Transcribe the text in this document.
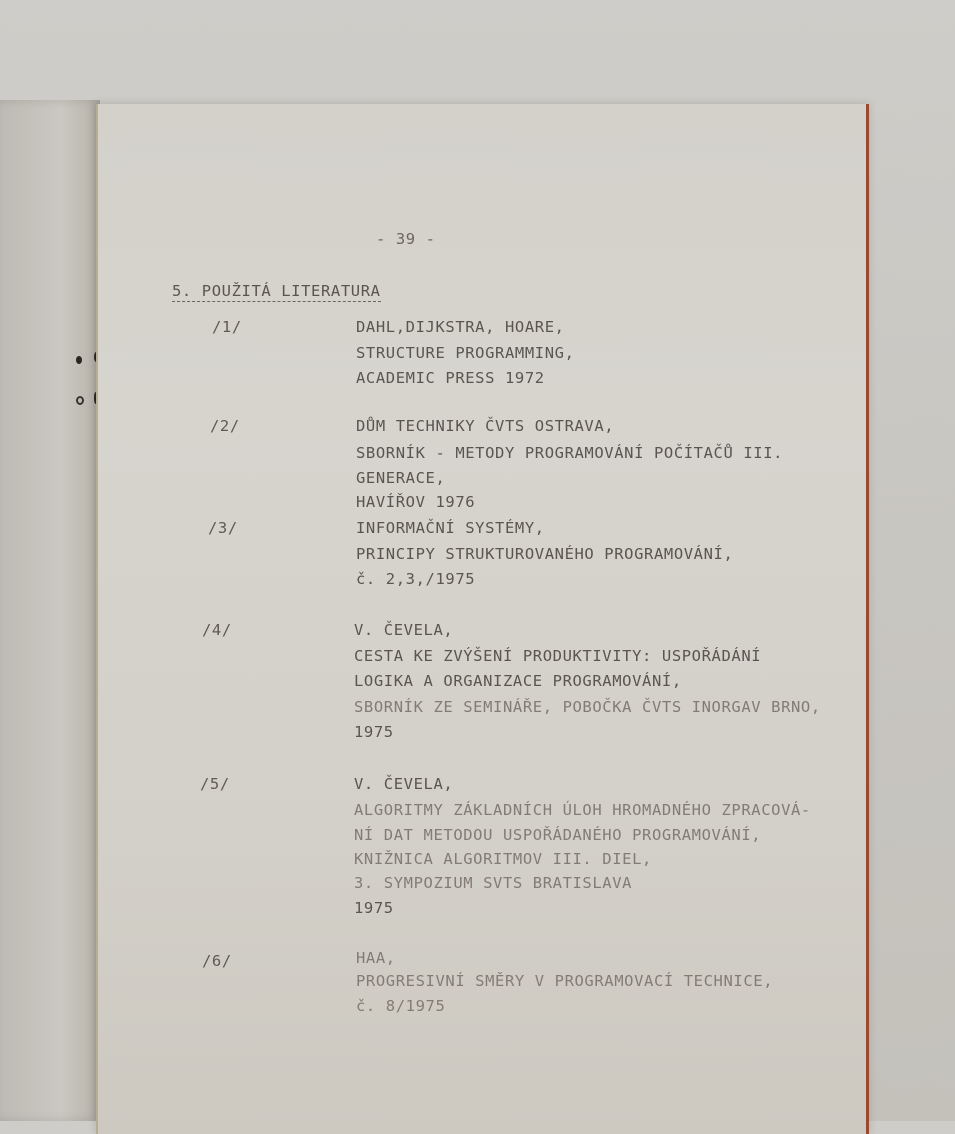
- 39 -
5. POUŽITÁ LITERATURA
/1/	DAHL,DIJKSTRA, HOARE,
STRUCTURE PROGRAMMING,
ACADEMIC PRESS 1972
/2/	DŮM TECHNIKY ČVTS OSTRAVA,
SBORNÍK - METODY PROGRAMOVÁNÍ POČÍTAČŮ III.
GENERACE,
HAVÍŘOV 1976
/3/	INFORMAČNÍ SYSTÉMY,
PRINCIPY STRUKTUROVANÉHO PROGRAMOVÁNÍ,
č. 2,3,/1975
/4/	V. ČEVELA,
CESTA KE ZVÝŠENÍ PRODUKTIVITY: USPOŘÁDÁNÍ
LOGIKA A ORGANIZACE PROGRAMOVÁNÍ,
SBORNÍK ZE SEMINÁŘE, POBOČKA ČVTS INORGAV BRNO,
1975
/5/	V. ČEVELA,
ALGORITMY ZÁKLADNÍCH ÚLOH HROMADNÉHO ZPRACOVÁ-
NÍ DAT METODOU USPOŘÁDANÉHO PROGRAMOVÁNÍ,
KNIŽNICA ALGORITMOV III. DIEL,
3. SYMPOZIUM SVTS BRATISLAVA
1975
/6/	HAA,
PROGRESIVNÍ SMĚRY V PROGRAMOVACÍ TECHNICE,
č. 8/1975
